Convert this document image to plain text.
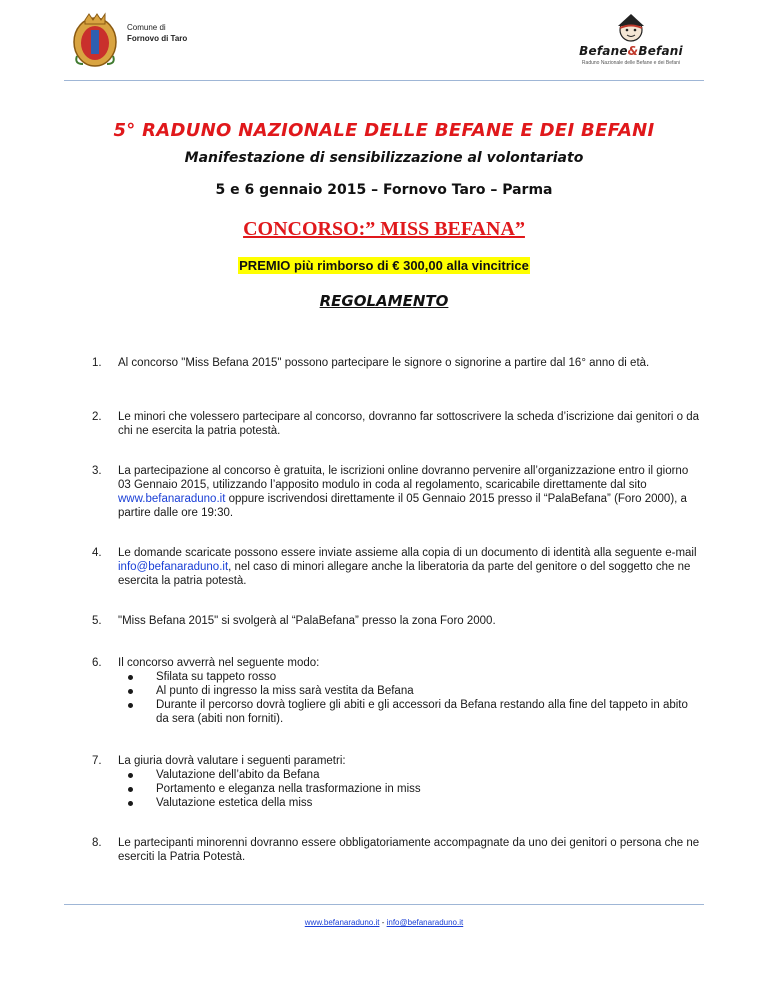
Comune di
Fornovo di Taro
Befane&Befani
Raduno Nazionale delle Befane e dei Befani
5° RADUNO NAZIONALE DELLE BEFANE E DEI BEFANI
Manifestazione di sensibilizzazione al volontariato
5 e 6 gennaio 2015 – Fornovo Taro – Parma
CONCORSO:” MISS BEFANA”
PREMIO più rimborso di € 300,00 alla vincitrice
REGOLAMENTO
1. Al concorso "Miss Befana 2015" possono partecipare le signore o signorine a partire dal 16° anno di età.
2. Le minori che volessero partecipare al concorso, dovranno far sottoscrivere la scheda d’iscrizione dai genitori o da chi ne esercita la patria potestà.
3. La partecipazione al concorso è gratuita, le iscrizioni online dovranno pervenire all’organizzazione entro il giorno 03 Gennaio 2015, utilizzando l’apposito modulo in coda al regolamento, scaricabile direttamente dal sito www.befanaraduno.it oppure iscrivendosi direttamente il 05 Gennaio 2015 presso il “PalaBefana” (Foro 2000), a partire dalle ore 19:30.
4. Le domande scaricate possono essere inviate assieme alla copia di un documento di identità alla seguente e-mail info@befanaraduno.it, nel caso di minori allegare anche la liberatoria da parte del genitore o del soggetto che ne esercita la patria potestà.
5. "Miss Befana 2015" si svolgerà al “PalaBefana” presso la zona Foro 2000.
6. Il concorso avverrà nel seguente modo:
Sfilata su tappeto rosso
Al punto di ingresso la miss sarà vestita da Befana
Durante il percorso dovrà togliere gli abiti e gli accessori da Befana restando alla fine del tappeto in abito da sera (abiti non forniti).
7. La giuria dovrà valutare i seguenti parametri:
Valutazione dell’abito da Befana
Portamento e eleganza nella trasformazione in miss
Valutazione estetica della miss
8. Le partecipanti minorenni dovranno essere obbligatoriamente accompagnate da uno dei genitori o persona che ne eserciti la Patria Potestà.
www.befanaraduno.it - info@befanaraduno.it
